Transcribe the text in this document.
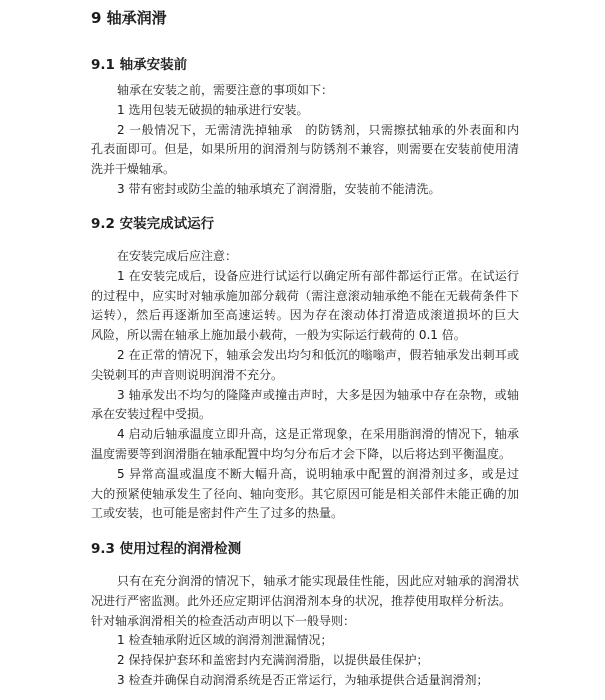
9 轴承润滑
9.1 轴承安装前
轴承在安装之前，需要注意的事项如下：
1 选用包装无破损的轴承进行安装。
2 一般情况下，无需清洗掉轴承　的防锈剂，只需擦拭轴承的外表面和内
孔表面即可。但是，如果所用的润滑剂与防锈剂不兼容，则需要在安装前使用清
洗并干燥轴承。
3 带有密封或防尘盖的轴承填充了润滑脂，安装前不能清洗。
9.2 安装完成试运行
在安装完成后应注意：
1 在安装完成后，设备应进行试运行以确定所有部件都运行正常。在试运行
的过程中，应实时对轴承施加部分载荷（需注意滚动轴承绝不能在无载荷条件下
运转），然后再逐渐加至高速运转。因为存在滚动体打滑造成滚道损坏的巨大
风险，所以需在轴承上施加最小载荷，一般为实际运行载荷的 0.1 倍。
2 在正常的情况下，轴承会发出均匀和低沉的嗡嗡声，假若轴承发出刺耳或
尖锐刺耳的声音则说明润滑不充分。
3 轴承发出不均匀的隆隆声或撞击声时，大多是因为轴承中存在杂物，或轴
承在安装过程中受损。
4 启动后轴承温度立即升高，这是正常现象，在采用脂润滑的情况下，轴承
温度需要等到润滑脂在轴承配置中均匀分布后才会下降，以后将达到平衡温度。
5 异常高温或温度不断大幅升高，说明轴承中配置的润滑剂过多，或是过
大的预紧使轴承发生了径向、轴向变形。其它原因可能是相关部件未能正确的加
工或安装，也可能是密封件产生了过多的热量。
9.3 使用过程的润滑检测
只有在充分润滑的情况下，轴承才能实现最佳性能，因此应对轴承的润滑状
况进行严密监测。此外还应定期评估润滑剂本身的状况，推荐使用取样分析法。
针对轴承润滑相关的检查活动声明以下一般导则：
1 检查轴承附近区域的润滑剂泄漏情况；
2 保持保护套环和盖密封内充满润滑脂，以提供最佳保护；
3 检查并确保自动润滑系统是否正常运行，为轴承提供合适量润滑剂；
